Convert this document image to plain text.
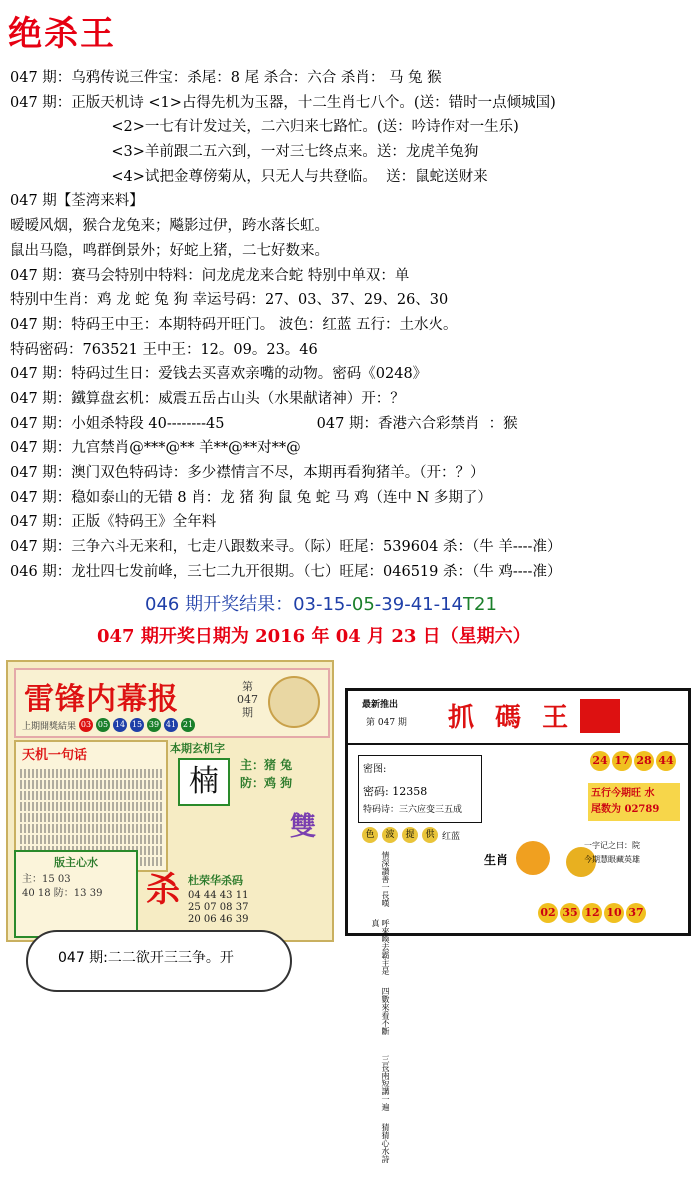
绝杀王
047 期：乌鸦传说三件宝：杀尾：8 尾 杀合：六合 杀肖： 马 兔 猴
047 期：正版天机诗 <1>占得先机为玉器，十二生肖七八个。(送：错时一点倾城国)
<2>一七有计发过关，二六归来七路忙。(送：吟诗作对一生乐)
<3>羊前跟二五六到，一对三七终点来。送：龙虎羊兔狗
<4>试把金尊傍菊从，只无人与共登临。  送：鼠蛇送财来
047 期【荃湾来料】
暧暧风烟，猴合龙兔来；飚影过伊，跨水落长虹。
鼠出马隐，鸣群倒景外；好蛇上猪，二七好数来。
047 期：赛马会特别中特料：问龙虎龙来合蛇 特别中单双：单
特别中生肖：鸡 龙 蛇 兔 狗 幸运号码：27、03、37、29、26、30
047 期：特码王中王：本期特码开旺门。 波色：红蓝 五行：土水火。
特码密码：763521 王中王：12。09。23。46
047 期：特码过生日：爱钱去买喜欢亲嘴的动物。密码《0248》
047 期：鐵算盘玄机：威震五岳占山头（水果献诸神）开：？
047 期：小姐杀特段 40--------45                    047 期：香港六合彩禁肖  ：猴
047 期：九宫禁肖@***@** 羊**@**对**@
047 期：澳门双色特码诗：多少襟情言不尽，本期再看狗猪羊。（开：？）
047 期：稳如泰山的无错 8 肖：龙 猪 狗 鼠 兔 蛇 马 鸡（连中 N 多期了）
047 期：正版《特码王》全年料
047 期：三争六斗无来和，七走八跟数来寻。（际）旺尾：539604 杀：（牛 羊----准）
046 期：龙壮四七发前峰，三七二九开很期。（七）旺尾：046519 杀：（牛 鸡----准）
046 期开奖结果：03-15-05-39-41-14T21
047 期开奖日期为 2016 年 04 月 23 日（星期六）
雷锋内幕报	第
047
期
上期開獎結果 03 05 14 15 39 41 21
天机一句话	本期玄机字
楠	主：猪 兔
防：鸡 狗
雙
版主心水
主：15 03
40 18 防：13 39	杀 杜荣华杀码
04 44 43 11
25 07 08 37
20 06 46 39
最新推出
第 047 期 抓 碼 王
密图:
密码: 12358
特码诗：三六应变三五成
24 17 28 44
五行今期旺 水
尾数为 02789
色	波	提	供 红蓝
情深讃善一長嘆
呼來喚去霸主是真
四數來看不斷
三長兩短講一遍
猜猜心水詩
生肖
一字记之曰：院
今期慧眼藏英雄
02 35 12 10 37
047 期:二二欲开三三争。开
